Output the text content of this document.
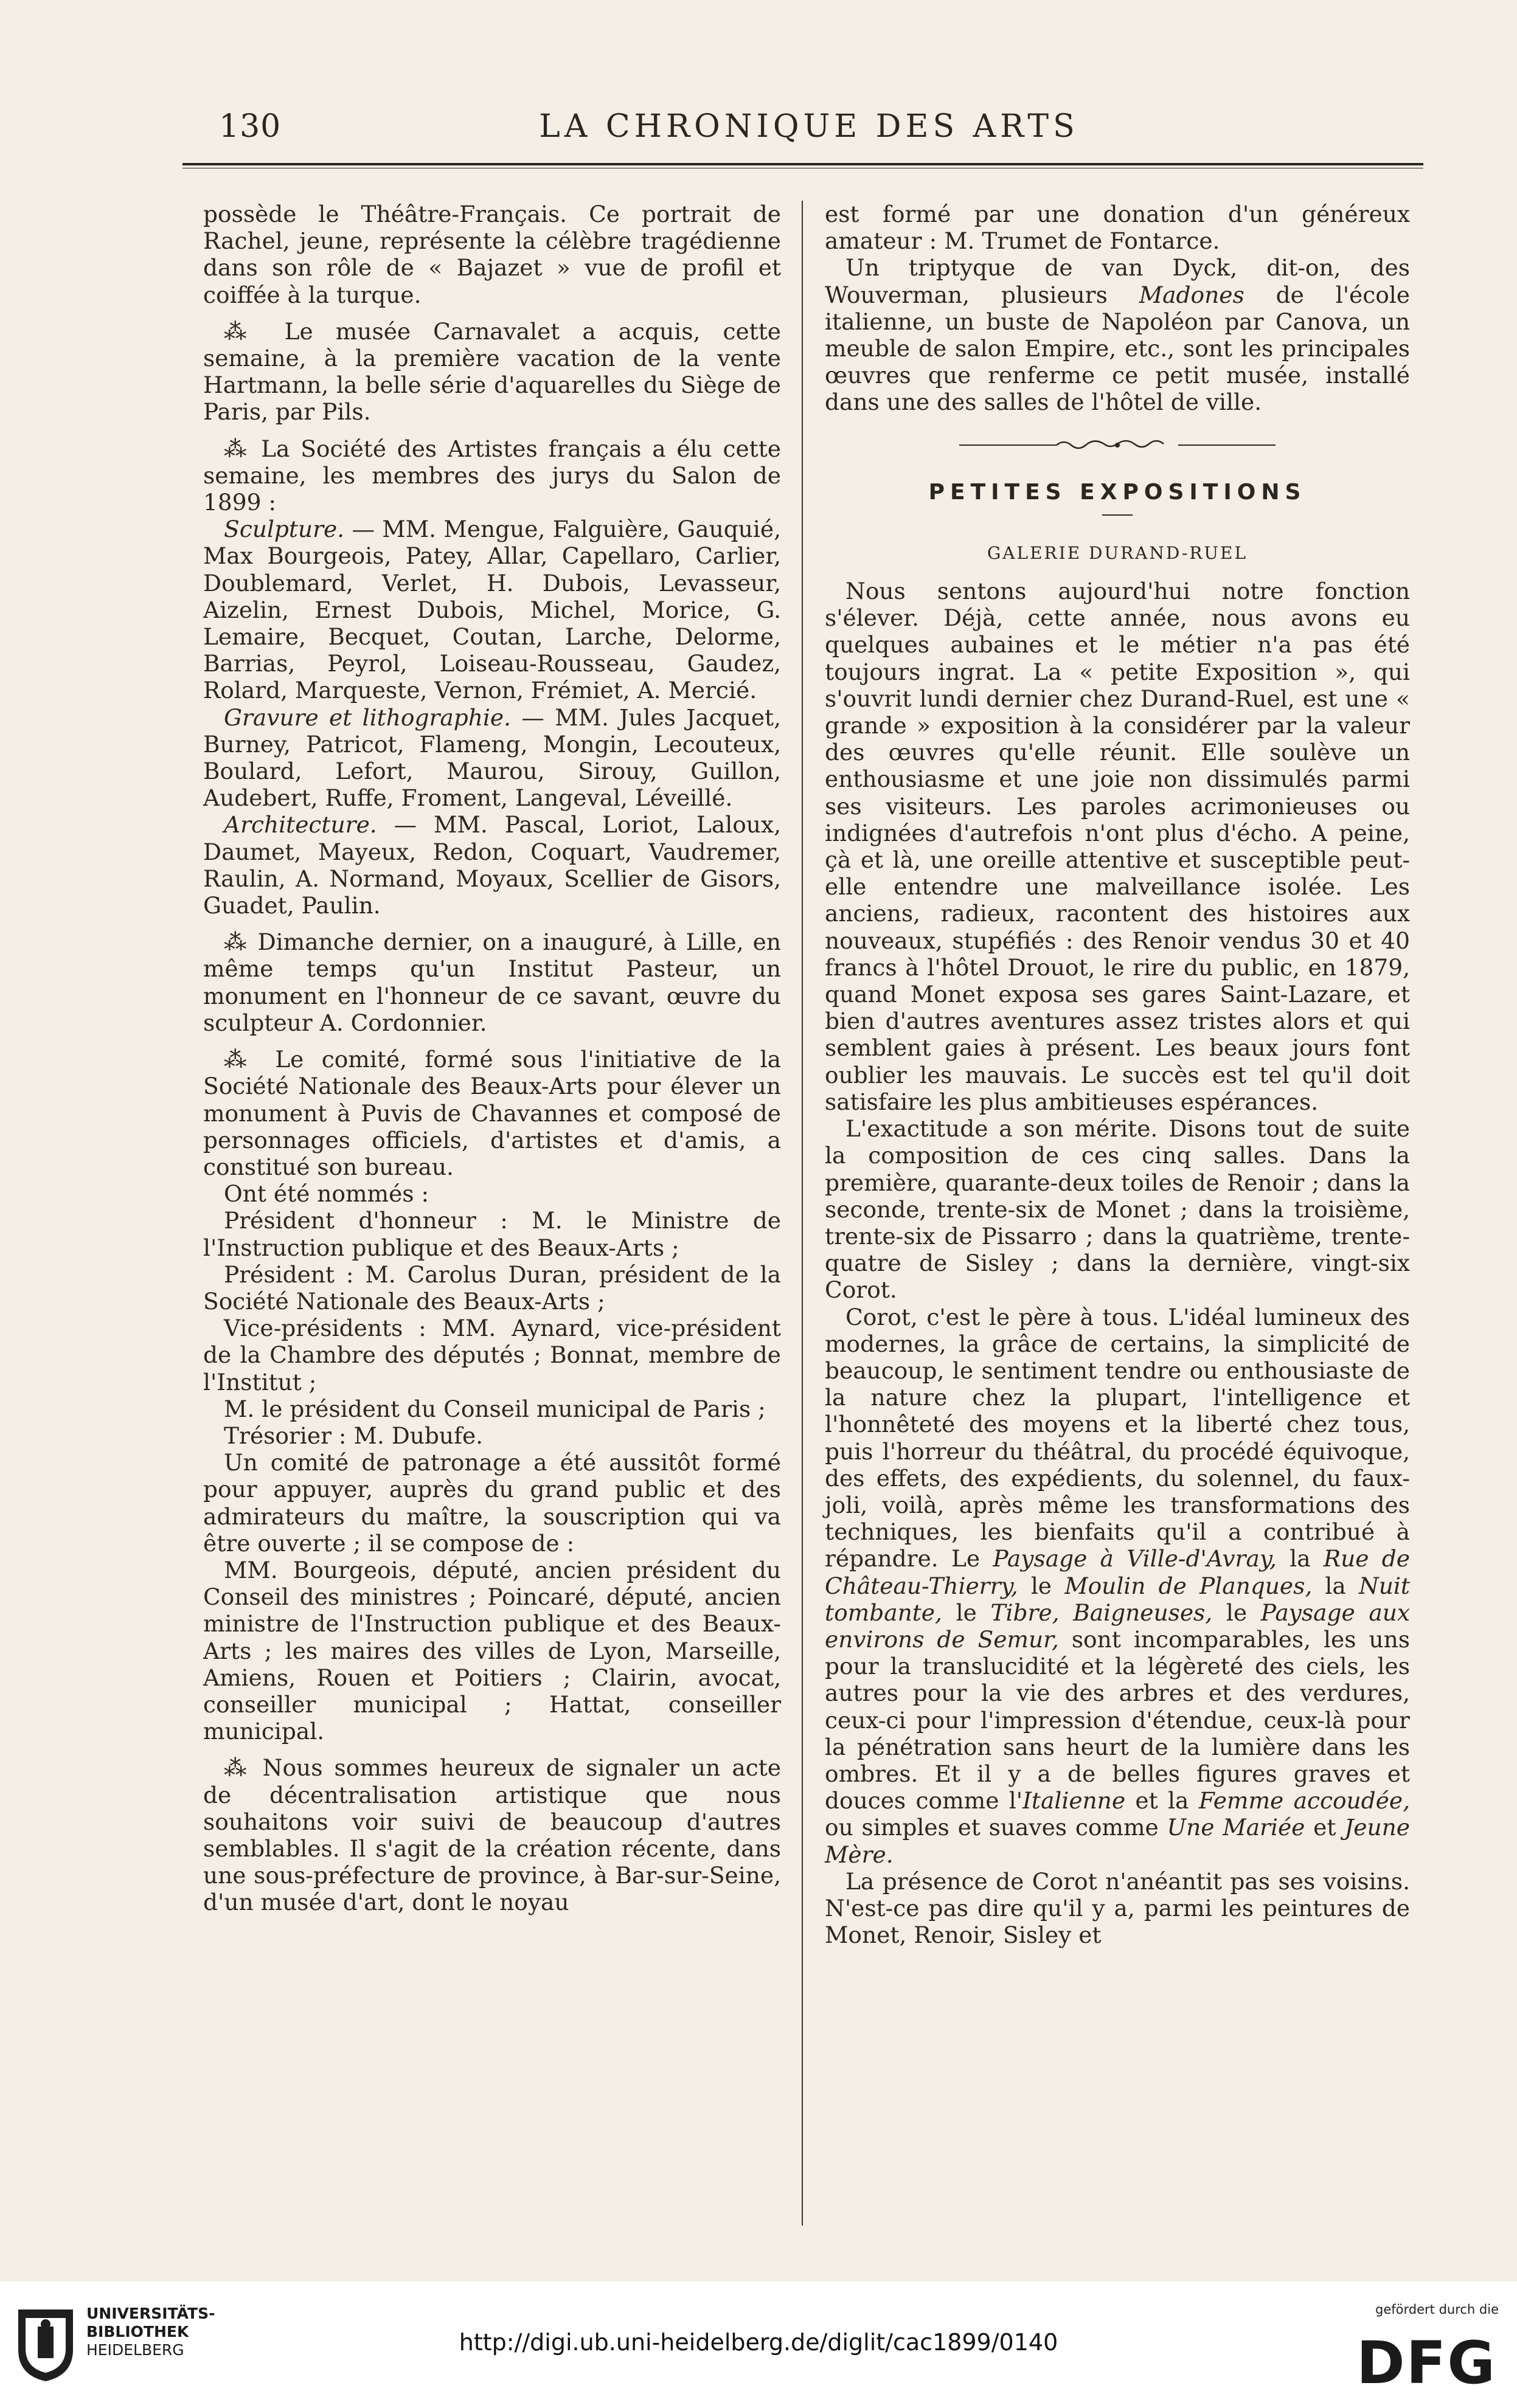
130	LA CHRONIQUE DES ARTS

possède le Théâtre-Français. Ce portrait de Rachel, jeune, représente la célèbre tragédienne dans son rôle de « Bajazet » vue de profil et coiffée à la turque.

⁂ Le musée Carnavalet a acquis, cette semaine, à la première vacation de la vente Hartmann, la belle série d'aquarelles du Siège de Paris, par Pils.

⁂ La Société des Artistes français a élu cette semaine, les membres des jurys du Salon de 1899 :

Sculpture. — MM. Mengue, Falguière, Gauquié, Max Bourgeois, Patey, Allar, Capellaro, Carlier, Doublemard, Verlet, H. Dubois, Levasseur, Aizelin, Ernest Dubois, Michel, Morice, G. Lemaire, Becquet, Coutan, Larche, Delorme, Barrias, Peyrol, Loiseau-Rousseau, Gaudez, Rolard, Marqueste, Vernon, Frémiet, A. Mercié.

Gravure et lithographie. — MM. Jules Jacquet, Burney, Patricot, Flameng, Mongin, Lecouteux, Boulard, Lefort, Maurou, Sirouy, Guillon, Audebert, Ruffe, Froment, Langeval, Léveillé.

Architecture. — MM. Pascal, Loriot, Laloux, Daumet, Mayeux, Redon, Coquart, Vaudremer, Raulin, A. Normand, Moyaux, Scellier de Gisors, Guadet, Paulin.

⁂ Dimanche dernier, on a inauguré, à Lille, en même temps qu'un Institut Pasteur, un monument en l'honneur de ce savant, œuvre du sculpteur A. Cordonnier.

⁂ Le comité, formé sous l'initiative de la Société Nationale des Beaux-Arts pour élever un monument à Puvis de Chavannes et composé de personnages officiels, d'artistes et d'amis, a constitué son bureau.

Ont été nommés :

Président d'honneur : M. le Ministre de l'Instruction publique et des Beaux-Arts ;

Président : M. Carolus Duran, président de la Société Nationale des Beaux-Arts ;

Vice-présidents : MM. Aynard, vice-président de la Chambre des députés ; Bonnat, membre de l'Institut ;

M. le président du Conseil municipal de Paris ;

Trésorier : M. Dubufe.

Un comité de patronage a été aussitôt formé pour appuyer, auprès du grand public et des admirateurs du maître, la souscription qui va être ouverte ; il se compose de :

MM. Bourgeois, député, ancien président du Conseil des ministres ; Poincaré, député, ancien ministre de l'Instruction publique et des Beaux-Arts ; les maires des villes de Lyon, Marseille, Amiens, Rouen et Poitiers ; Clairin, avocat, conseiller municipal ; Hattat, conseiller municipal.

⁂ Nous sommes heureux de signaler un acte de décentralisation artistique que nous souhaitons voir suivi de beaucoup d'autres semblables. Il s'agit de la création récente, dans une sous-préfecture de province, à Bar-sur-Seine, d'un musée d'art, dont le noyau

est formé par une donation d'un généreux amateur : M. Trumet de Fontarce.

Un triptyque de van Dyck, dit-on, des Wouverman, plusieurs Madones de l'école italienne, un buste de Napoléon par Canova, un meuble de salon Empire, etc., sont les principales œuvres que renferme ce petit musée, installé dans une des salles de l'hôtel de ville.

PETITES EXPOSITIONS
GALERIE DURAND-RUEL

Nous sentons aujourd'hui notre fonction s'élever. Déjà, cette année, nous avons eu quelques aubaines et le métier n'a pas été toujours ingrat. La « petite Exposition », qui s'ouvrit lundi dernier chez Durand-Ruel, est une « grande » exposition à la considérer par la valeur des œuvres qu'elle réunit. Elle soulève un enthousiasme et une joie non dissimulés parmi ses visiteurs. Les paroles acrimonieuses ou indignées d'autrefois n'ont plus d'écho. A peine, çà et là, une oreille attentive et susceptible peut-elle entendre une malveillance isolée. Les anciens, radieux, racontent des histoires aux nouveaux, stupéfiés : des Renoir vendus 30 et 40 francs à l'hôtel Drouot, le rire du public, en 1879, quand Monet exposa ses gares Saint-Lazare, et bien d'autres aventures assez tristes alors et qui semblent gaies à présent. Les beaux jours font oublier les mauvais. Le succès est tel qu'il doit satisfaire les plus ambitieuses espérances.

L'exactitude a son mérite. Disons tout de suite la composition de ces cinq salles. Dans la première, quarante-deux toiles de Renoir ; dans la seconde, trente-six de Monet ; dans la troisième, trente-six de Pissarro ; dans la quatrième, trente-quatre de Sisley ; dans la dernière, vingt-six Corot.

Corot, c'est le père à tous. L'idéal lumineux des modernes, la grâce de certains, la simplicité de beaucoup, le sentiment tendre ou enthousiaste de la nature chez la plupart, l'intelligence et l'honnêteté des moyens et la liberté chez tous, puis l'horreur du théâtral, du procédé équivoque, des effets, des expédients, du solennel, du faux-joli, voilà, après même les transformations des techniques, les bienfaits qu'il a contribué à répandre. Le Paysage à Ville-d'Avray, la Rue de Château-Thierry, le Moulin de Planques, la Nuit tombante, le Tibre, Baigneuses, le Paysage aux environs de Semur, sont incomparables, les uns pour la translucidité et la légèreté des ciels, les autres pour la vie des arbres et des verdures, ceux-ci pour l'impression d'étendue, ceux-là pour la pénétration sans heurt de la lumière dans les ombres. Et il y a de belles figures graves et douces comme l'Italienne et la Femme accoudée, ou simples et suaves comme Une Mariée et Jeune Mère.

La présence de Corot n'anéantit pas ses voisins. N'est-ce pas dire qu'il y a, parmi les peintures de Monet, Renoir, Sisley et

UNIVERSITÄTS-
BIBLIOTHEK
HEIDELBERG	http://digi.ub.uni-heidelberg.de/diglit/cac1899/0140
gefördert durch die
DFG
